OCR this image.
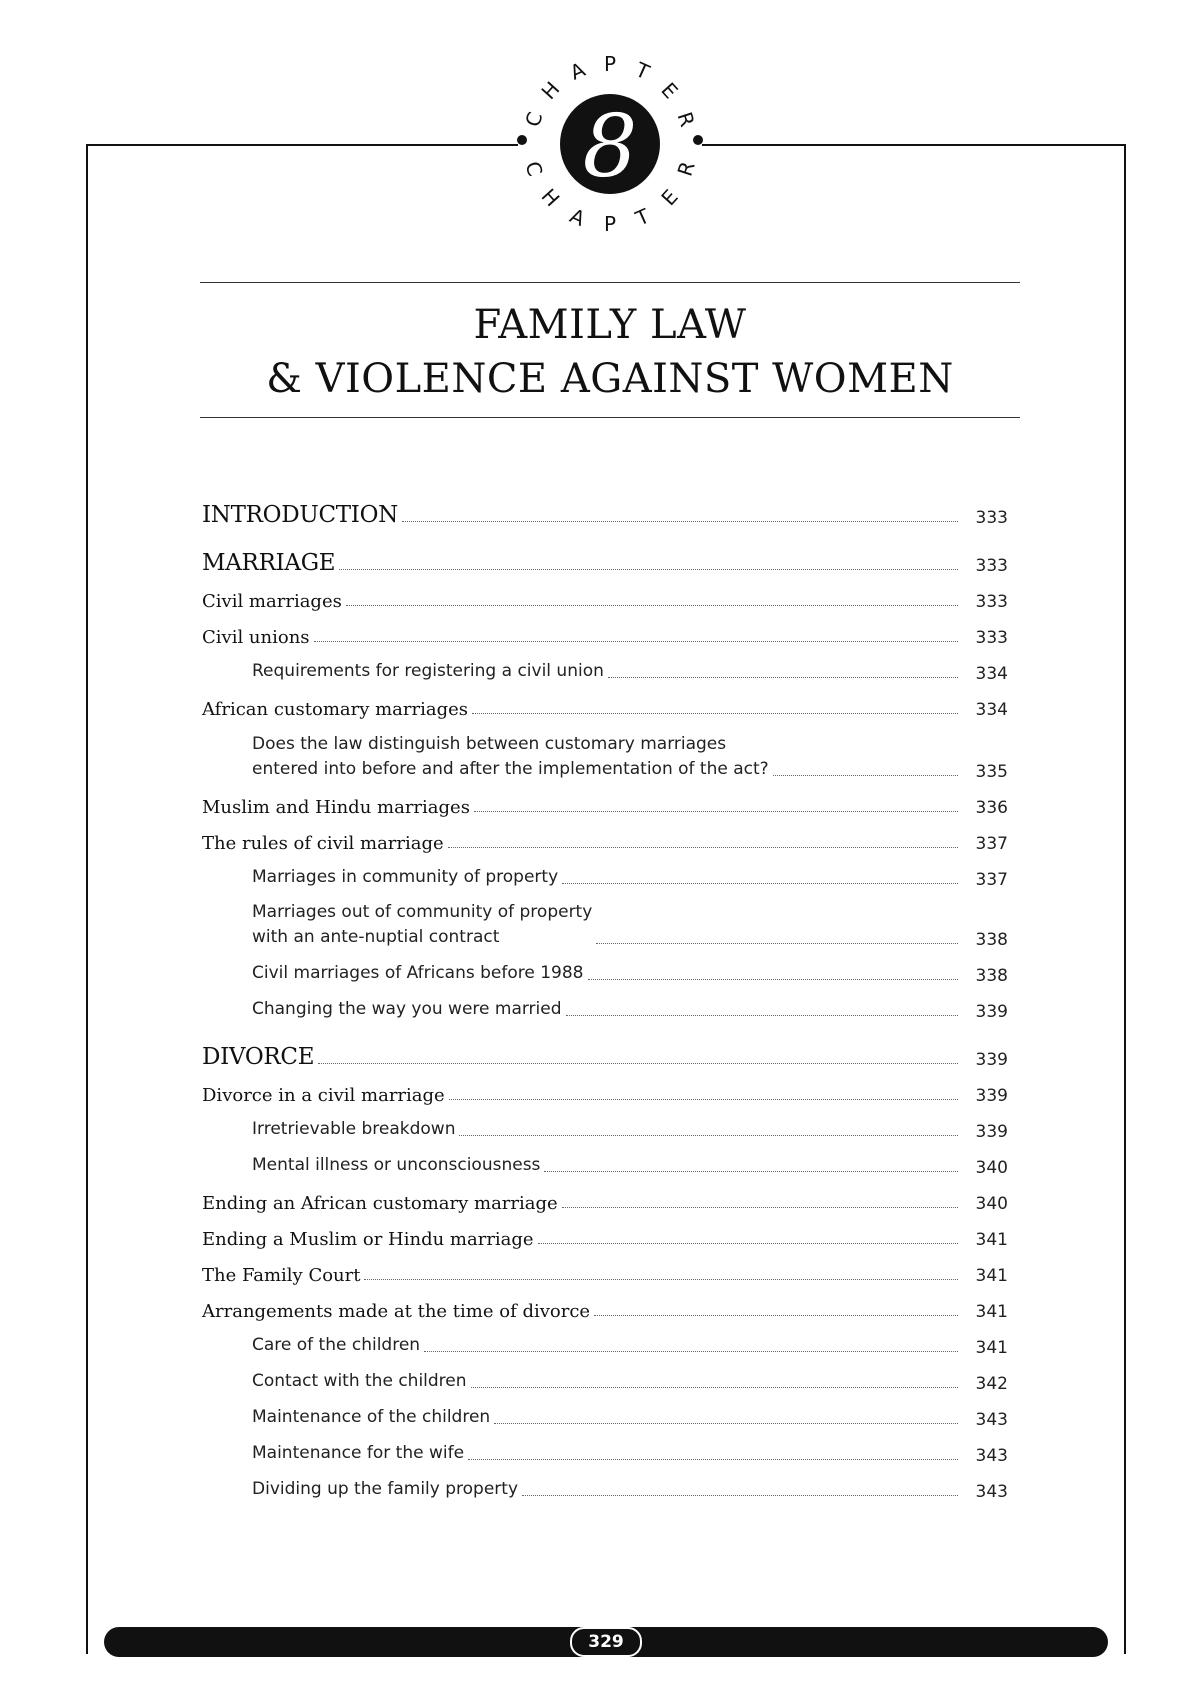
8
C
H
A P T
E
R
C
H
A P T
E
R
FAMILY LAW
& VIOLENCE AGAINST WOMEN
INTRODUCTION	333
MARRIAGE	333
Civil marriages	333
Civil unions	333
Requirements for registering a civil union	334
African customary marriages	334
Does the law distinguish between customary marriages
entered into before and after the implementation of the act?	335
Muslim and Hindu marriages	336
The rules of civil marriage	337
Marriages in community of property	337
Marriages out of community of property
with an ante-nuptial contract	338
Civil marriages of Africans before 1988	338
Changing the way you were married	339
DIVORCE	339
Divorce in a civil marriage	339
Irretrievable breakdown	339
Mental illness or unconsciousness	340
Ending an African customary marriage	340
Ending a Muslim or Hindu marriage	341
The Family Court	341
Arrangements made at the time of divorce	341
Care of the children	341
Contact with the children	342
Maintenance of the children	343
Maintenance for the wife	343
Dividing up the family property	343
329
